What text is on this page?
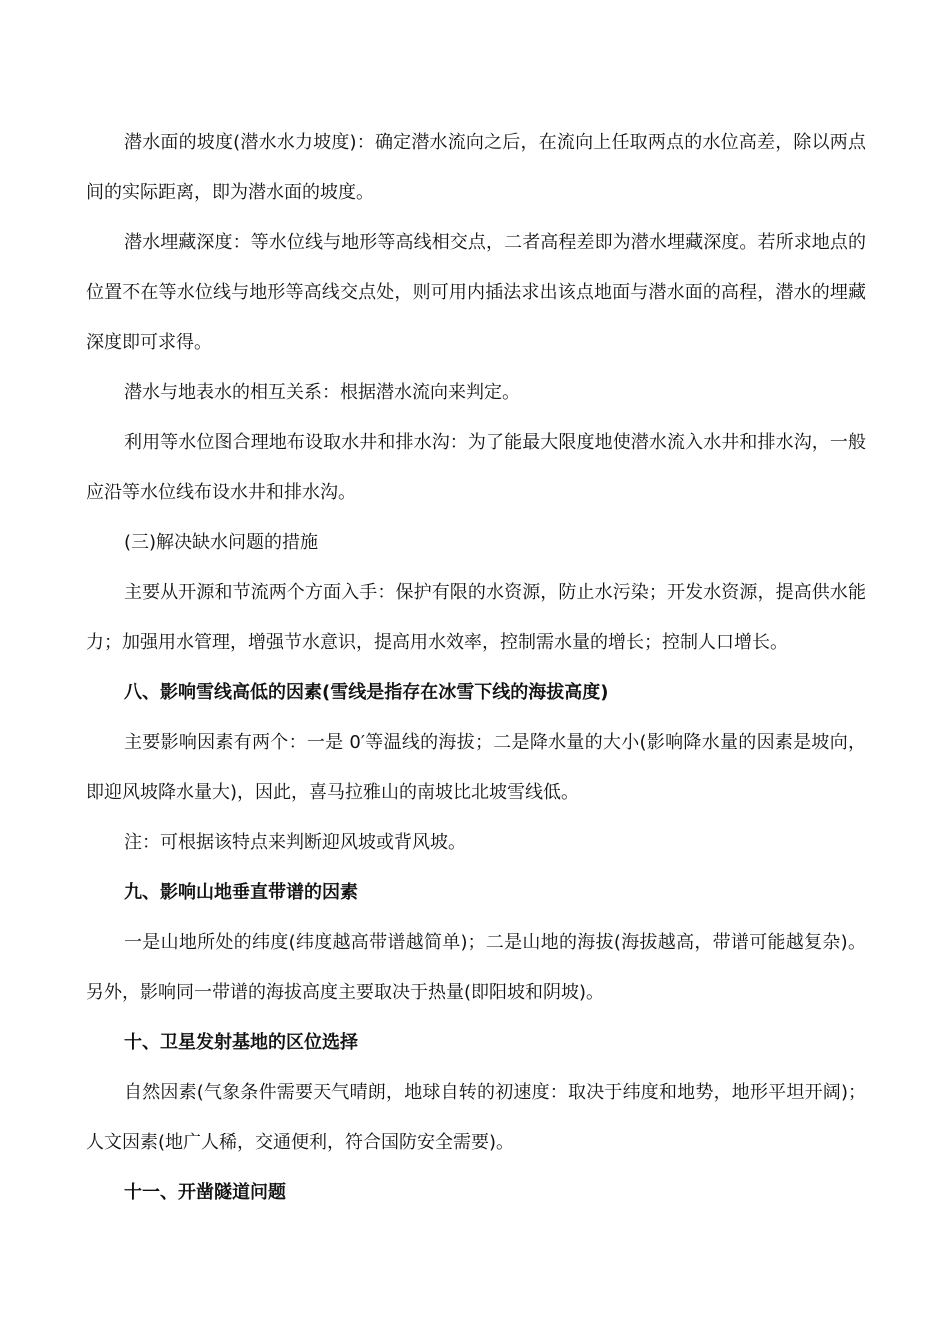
潜水面的坡度(潜水水力坡度)：确定潜水流向之后，在流向上任取两点的水位高差，除以两点间的实际距离，即为潜水面的坡度。

潜水埋藏深度：等水位线与地形等高线相交点，二者高程差即为潜水埋藏深度。若所求地点的位置不在等水位线与地形等高线交点处，则可用内插法求出该点地面与潜水面的高程，潜水的埋藏深度即可求得。

潜水与地表水的相互关系：根据潜水流向来判定。

利用等水位图合理地布设取水井和排水沟：为了能最大限度地使潜水流入水井和排水沟，一般应沿等水位线布设水井和排水沟。

(三)解决缺水问题的措施

主要从开源和节流两个方面入手：保护有限的水资源，防止水污染；开发水资源，提高供水能力；加强用水管理，增强节水意识，提高用水效率，控制需水量的增长；控制人口增长。

八、影响雪线高低的因素(雪线是指存在冰雪下线的海拔高度)

主要影响因素有两个：一是 0′等温线的海拔；二是降水量的大小(影响降水量的因素是坡向，即迎风坡降水量大)，因此，喜马拉雅山的南坡比北坡雪线低。

注：可根据该特点来判断迎风坡或背风坡。

九、影响山地垂直带谱的因素

一是山地所处的纬度(纬度越高带谱越简单)；二是山地的海拔(海拔越高，带谱可能越复杂)。另外，影响同一带谱的海拔高度主要取决于热量(即阳坡和阴坡)。

十、卫星发射基地的区位选择

自然因素(气象条件需要天气晴朗，地球自转的初速度：取决于纬度和地势，地形平坦开阔)；人文因素(地广人稀，交通便利，符合国防安全需要)。

十一、开凿隧道问题
